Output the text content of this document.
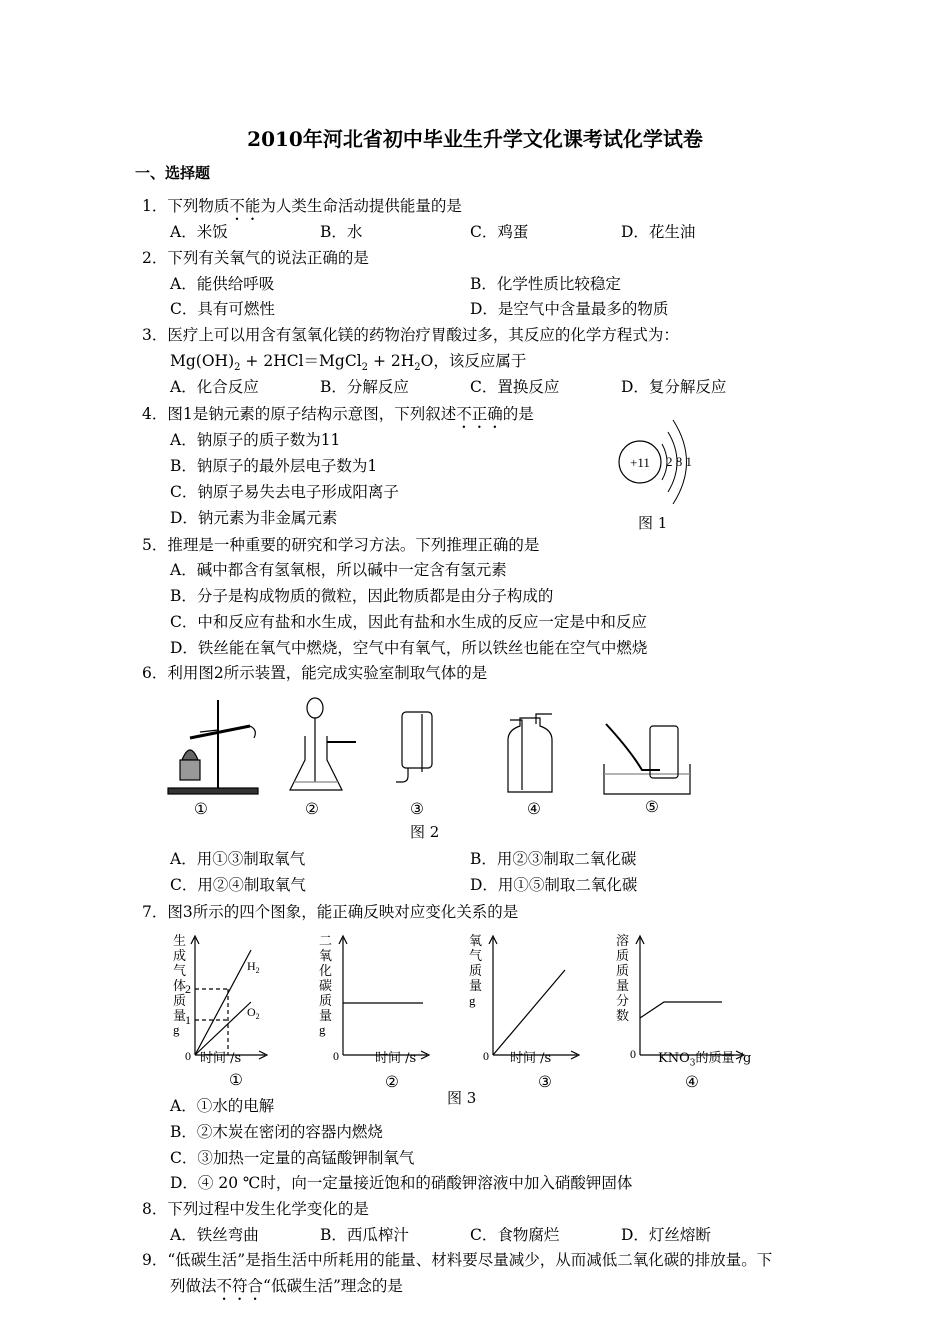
2010年河北省初中毕业生升学文化课考试化学试卷
一、选择题
1．下列物质不能为人类生命活动提供能量的是
A．米饭	B．水	C．鸡蛋	D．花生油
2．下列有关氧气的说法正确的是
A．能供给呼吸	B．化学性质比较稳定
C．具有可燃性	D．是空气中含量最多的物质
3．医疗上可以用含有氢氧化镁的药物治疗胃酸过多，其反应的化学方程式为：
$Mg(OH)_2$ + 2HCl＝MgCl$_2$ + $2H_2O$，该反应属于
A．化合反应	B．分解反应	C．置换反应	D．复分解反应
4．图1是钠元素的原子结构示意图，下列叙述不正确的是
A．钠原子的质子数为11
B．钠原子的最外层电子数为1
C．钠原子易失去电子形成阳离子
D．钠元素为非金属元素
+11 2 8 1
图 1
5．推理是一种重要的研究和学习方法。下列推理正确的是
A．碱中都含有氢氧根，所以碱中一定含有氢元素
B．分子是构成物质的微粒，因此物质都是由分子构成的
C．中和反应有盐和水生成，因此有盐和水生成的反应一定是中和反应
D．铁丝能在氧气中燃烧，空气中有氧气，所以铁丝也能在空气中燃烧
6．利用图2所示装置，能完成实验室制取气体的是
①	②	③	④	⑤
图 2
A．用①③制取氧气	B．用②③制取二氧化碳
C．用②④制取氧气	D．用①⑤制取二氧化碳
7．图3所示的四个图象，能正确反映对应变化关系的是
生
成
气
体
质
量
g
2
1
0
$H_2$
$O_2$
时间 /s
二
氧
化
碳
质
量
g
0	时间 /s
氧
气
质
量
g
0 时间 /s
溶
质
质
量
分
数
0 $KNO_3$的质量 /g
①	②	③	④
图 3
A．①水的电解
B．②木炭在密闭的容器内燃烧
C．③加热一定量的高锰酸钾制氧气
D．④ 20 ℃时，向一定量接近饱和的硝酸钾溶液中加入硝酸钾固体
8．下列过程中发生化学变化的是
A．铁丝弯曲	B．西瓜榨汁	C．食物腐烂	D．灯丝熔断
9．“低碳生活”是指生活中所耗用的能量、材料要尽量减少，从而减低二氧化碳的排放量。下
列做法不符合“低碳生活”理念的是
